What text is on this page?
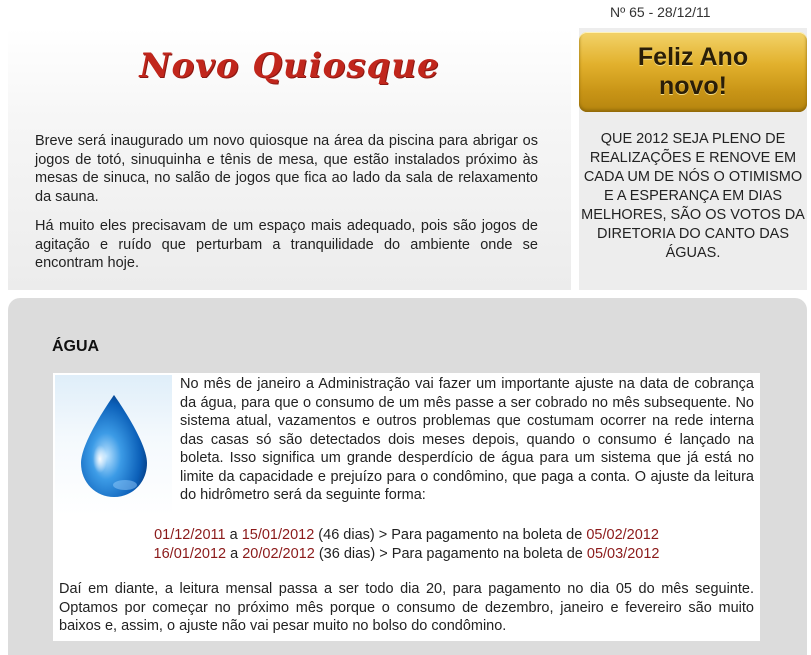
Nº 65 - 28/12/11
Novo Quiosque

Breve será inaugurado um novo quiosque na área da piscina para abrigar os jogos de totó, sinuquinha e tênis de mesa, que estão instalados próximo às mesas de sinuca, no salão de jogos que fica ao lado da sala de relaxamento da sauna.

Há muito eles precisavam de um espaço mais adequado, pois são jogos de agitação e ruído que perturbam a tranquilidade do ambiente onde se encontram hoje.

Feliz Ano novo!
QUE 2012 SEJA PLENO DE REALIZAÇÕES E RENOVE EM CADA UM DE NÓS O OTIMISMO E A ESPERANÇA EM DIAS MELHORES, SÃO OS VOTOS DA DIRETORIA DO CANTO DAS ÁGUAS.
ÁGUA
No mês de janeiro a Administração vai fazer um importante ajuste na data de cobrança da água, para que o consumo de um mês passe a ser cobrado no mês subsequente. No sistema atual, vazamentos e outros problemas que costumam ocorrer na rede interna das casas só são detectados dois meses depois, quando o consumo é lançado na boleta. Isso significa um grande desperdício de água para um sistema que já está no limite da capacidade e prejuízo para o condômino, que paga a conta. O ajuste da leitura do hidrômetro será da seguinte forma:
01/12/2011 a 15/01/2012 (46 dias) > Para pagamento na boleta de 05/02/2012
16/01/2012 a 20/02/2012 (36 dias) > Para pagamento na boleta de 05/03/2012
Daí em diante, a leitura mensal passa a ser todo dia 20, para pagamento no dia 05 do mês seguinte. Optamos por começar no próximo mês porque o consumo de dezembro, janeiro e fevereiro são muito baixos e, assim, o ajuste não vai pesar muito no bolso do condômino.
